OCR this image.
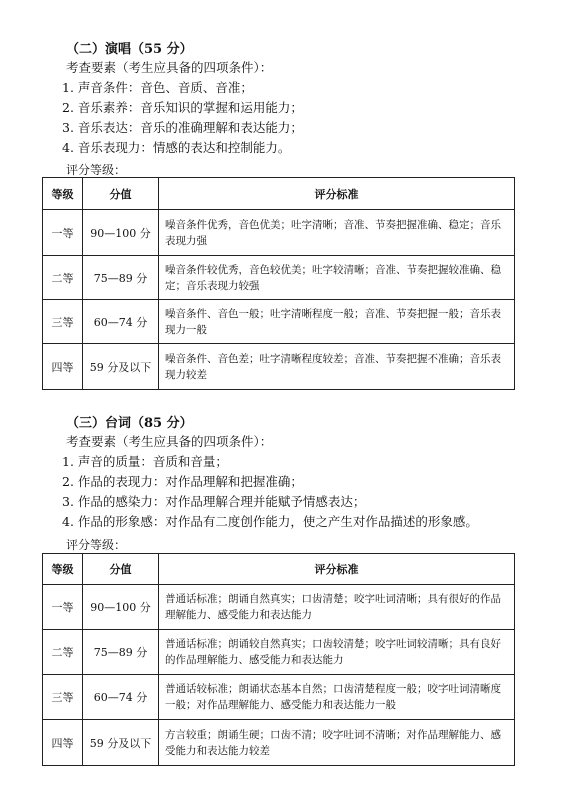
（二）演唱（55 分）
考查要素（考生应具备的四项条件）：
1. 声音条件：音色、音质、音准；
2. 音乐素养：音乐知识的掌握和运用能力；
3. 音乐表达：音乐的准确理解和表达能力；
4. 音乐表现力：情感的表达和控制能力。
评分等级：
等级	分值	评分标准
一等	90—100 分	噪音条件优秀，音色优美；吐字清晰；音准、节奏把握准确、稳定；音乐表现力强
二等	75—89 分	噪音条件较优秀，音色较优美；吐字较清晰；音准、节奏把握较准确、稳定；音乐表现力较强
三等	60—74 分	噪音条件、音色一般；吐字清晰程度一般；音准、节奏把握一般；音乐表现力一般
四等	59 分及以下	噪音条件、音色差；吐字清晰程度较差；音准、节奏把握不准确；音乐表现力较差
（三）台词（85 分）
考查要素（考生应具备的四项条件）：
1. 声音的质量：音质和音量；
2. 作品的表现力：对作品理解和把握准确；
3. 作品的感染力：对作品理解合理并能赋予情感表达；
4. 作品的形象感：对作品有二度创作能力，使之产生对作品描述的形象感。
评分等级：
等级	分值	评分标准
一等	90—100 分	普通话标准；朗诵自然真实；口齿清楚；咬字吐词清晰；具有很好的作品理解能力、感受能力和表达能力
二等	75—89 分	普通话标准；朗诵较自然真实；口齿较清楚；咬字吐词较清晰；具有良好的作品理解能力、感受能力和表达能力
三等	60—74 分	普通话较标准；朗诵状态基本自然；口齿清楚程度一般；咬字吐词清晰度一般；对作品理解能力、感受能力和表达能力一般
四等	59 分及以下	方言较重；朗诵生硬；口齿不清；咬字吐词不清晰；对作品理解能力、感受能力和表达能力较差
